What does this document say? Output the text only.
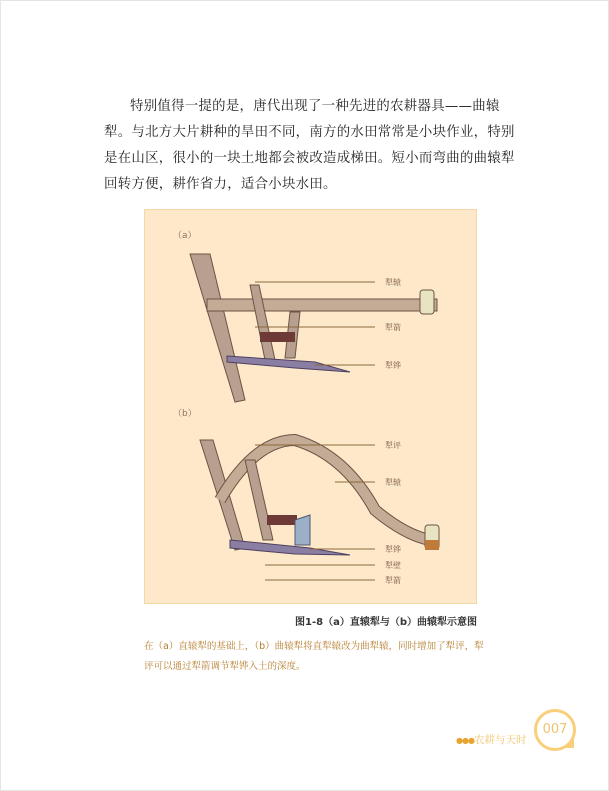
特别值得一提的是，唐代出现了一种先进的农耕器具——曲辕犁。与北方大片耕种的旱田不同，南方的水田常常是小块作业，特别是在山区，很小的一块土地都会被改造成梯田。短小而弯曲的曲辕犁回转方便，耕作省力，适合小块水田。
（a）
（b）
犁辕
犁箭
犁铧
犁评
犁辕
犁铧
犁壁
犁箭
图1-8（a）直辕犁与（b）曲辕犁示意图
在（a）直辕犁的基础上，（b）曲辕犁将直犁辕改为曲犁辕，同时增加了犁评，犁评可以通过犁箭调节犁铧入土的深度。
007
●●●农耕与天时
